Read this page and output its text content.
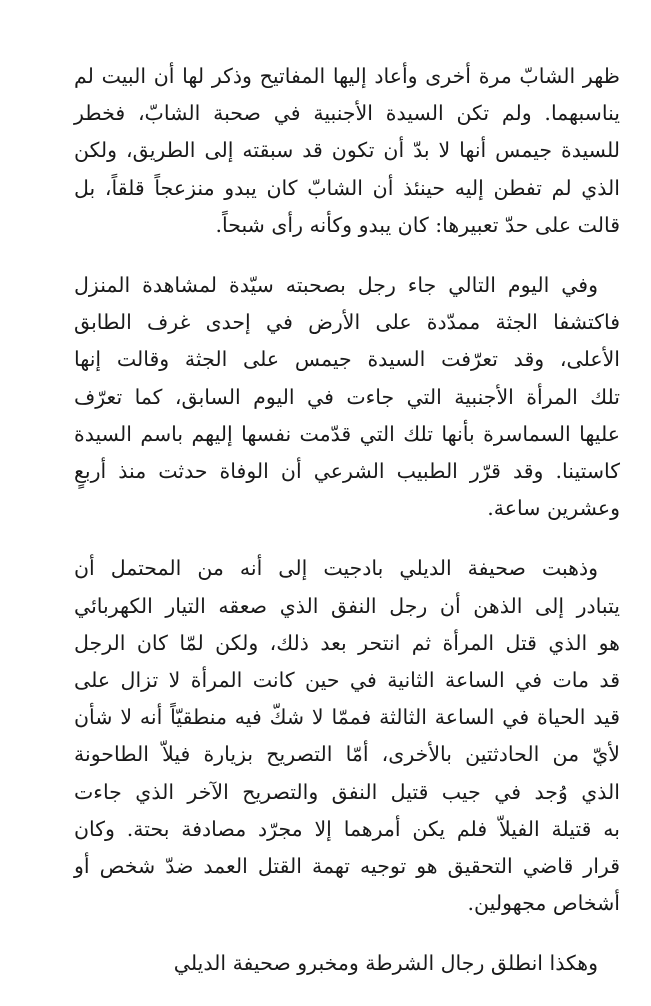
ظهر الشابّ مرة أخرى وأعاد إليها المفاتيح وذكر لها أن البيت لم
يناسبهما. ولم تكن السيدة الأجنبية في صحبة الشابّ، فخطر
للسيدة جيمس أنها لا بدّ أن تكون قد سبقته إلى الطريق، ولكن
الذي لم تفطن إليه حينئذ أن الشابّ كان يبدو منزعجاً قلقاً، بل
قالت على حدّ تعبيرها: كان يبدو وكأنه رأى شبحاً.

وفي اليوم التالي جاء رجل بصحبته سيّدة لمشاهدة المنزل
فاكتشفا الجثة ممدّدة على الأرض في إحدى غرف الطابق
الأعلى، وقد تعرّفت السيدة جيمس على الجثة وقالت إنها
تلك المرأة الأجنبية التي جاءت في اليوم السابق، كما تعرّف
عليها السماسرة بأنها تلك التي قدّمت نفسها إليهم باسم السيدة
كاستينا. وقد قرّر الطبيب الشرعي أن الوفاة حدثت منذ أربعٍ
وعشرين ساعة.

وذهبت صحيفة الديلي بادجيت إلى أنه من المحتمل أن
يتبادر إلى الذهن أن رجل النفق الذي صعقه التيار الكهربائي
هو الذي قتل المرأة ثم انتحر بعد ذلك، ولكن لمّا كان الرجل
قد مات في الساعة الثانية في حين كانت المرأة لا تزال على
قيد الحياة في الساعة الثالثة فممّا لا شكّ فيه منطقيّاً أنه لا شأن
لأيّ من الحادثتين بالأخرى، أمّا التصريح بزيارة فيلاّ الطاحونة
الذي وُجد في جيب قتيل النفق والتصريح الآخر الذي جاءت
به قتيلة الفيلاّ فلم يكن أمرهما إلا مجرّد مصادفة بحتة. وكان
قرار قاضي التحقيق هو توجيه تهمة القتل العمد ضدّ شخص أو
أشخاص مجهولين.

وهكذا انطلق رجال الشرطة ومخبرو صحيفة الديلي
